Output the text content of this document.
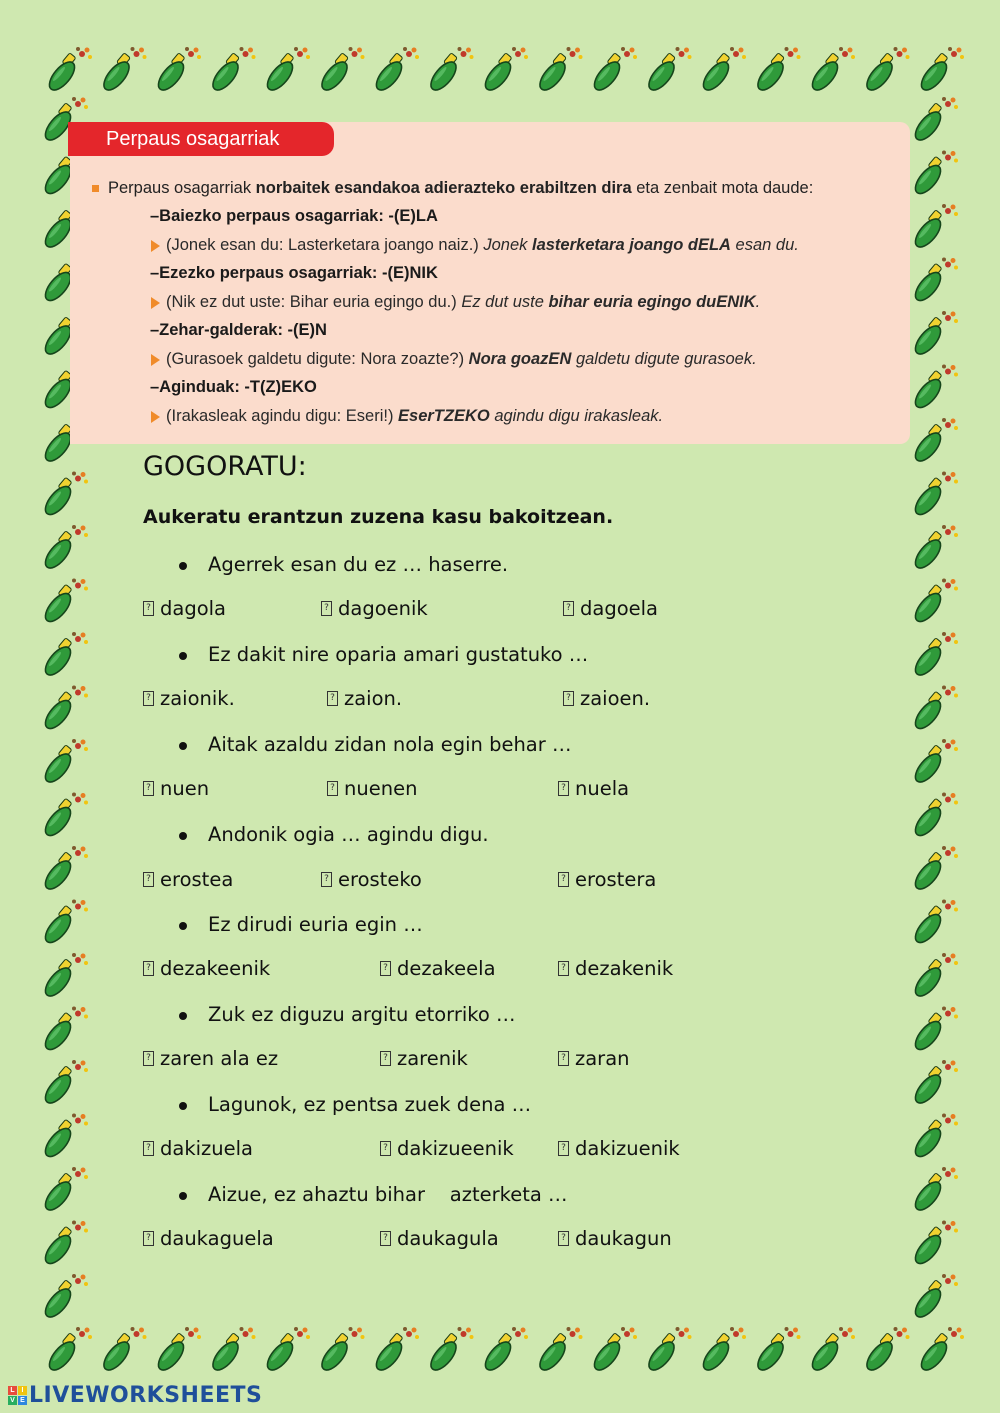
Perpaus osagarriak
Perpaus osagarriak norbaitek esandakoa adierazteko erabiltzen dira eta zenbait mota daude:
–Baiezko perpaus osagarriak: -(E)LA
(Jonek esan du: Lasterketara joango naiz.) Jonek lasterketara joango dELA esan du.
–Ezezko perpaus osagarriak: -(E)NIK
(Nik ez dut uste: Bihar euria egingo du.) Ez dut uste bihar euria egingo duENIK.
–Zehar-galderak: -(E)N
(Gurasoek galdetu digute: Nora zoazte?) Nora goazEN galdetu digute gurasoek.
–Aginduak: -T(Z)EKO
(Irakasleak agindu digu: Eseri!) EserTZEKO agindu digu irakasleak.
GOGORATU:
Aukeratu erantzun zuzena kasu bakoitzean.
Agerrek esan du ez … haserre.
? dagola	? dagoenik	? dagoela
Ez dakit nire oparia amari gustatuko …
? zaionik.	? zaion.	? zaioen.
Aitak azaldu zidan nola egin behar …
? nuen	? nuenen	? nuela
Andonik ogia … agindu digu.
? erostea	? erosteko	? erostera
Ez dirudi euria egin …
? dezakeenik	? dezakeela	? dezakenik
Zuk ez diguzu argitu etorriko …
? zaren ala ez	? zarenik	? zaran
Lagunok, ez pentsa zuek dena …
? dakizuela	? dakizueenik	? dakizuenik
Aizue, ez ahaztu bihar    azterketa …
? daukaguela	? daukagula	? daukagun
L I
V E LIVEWORKSHEETS
